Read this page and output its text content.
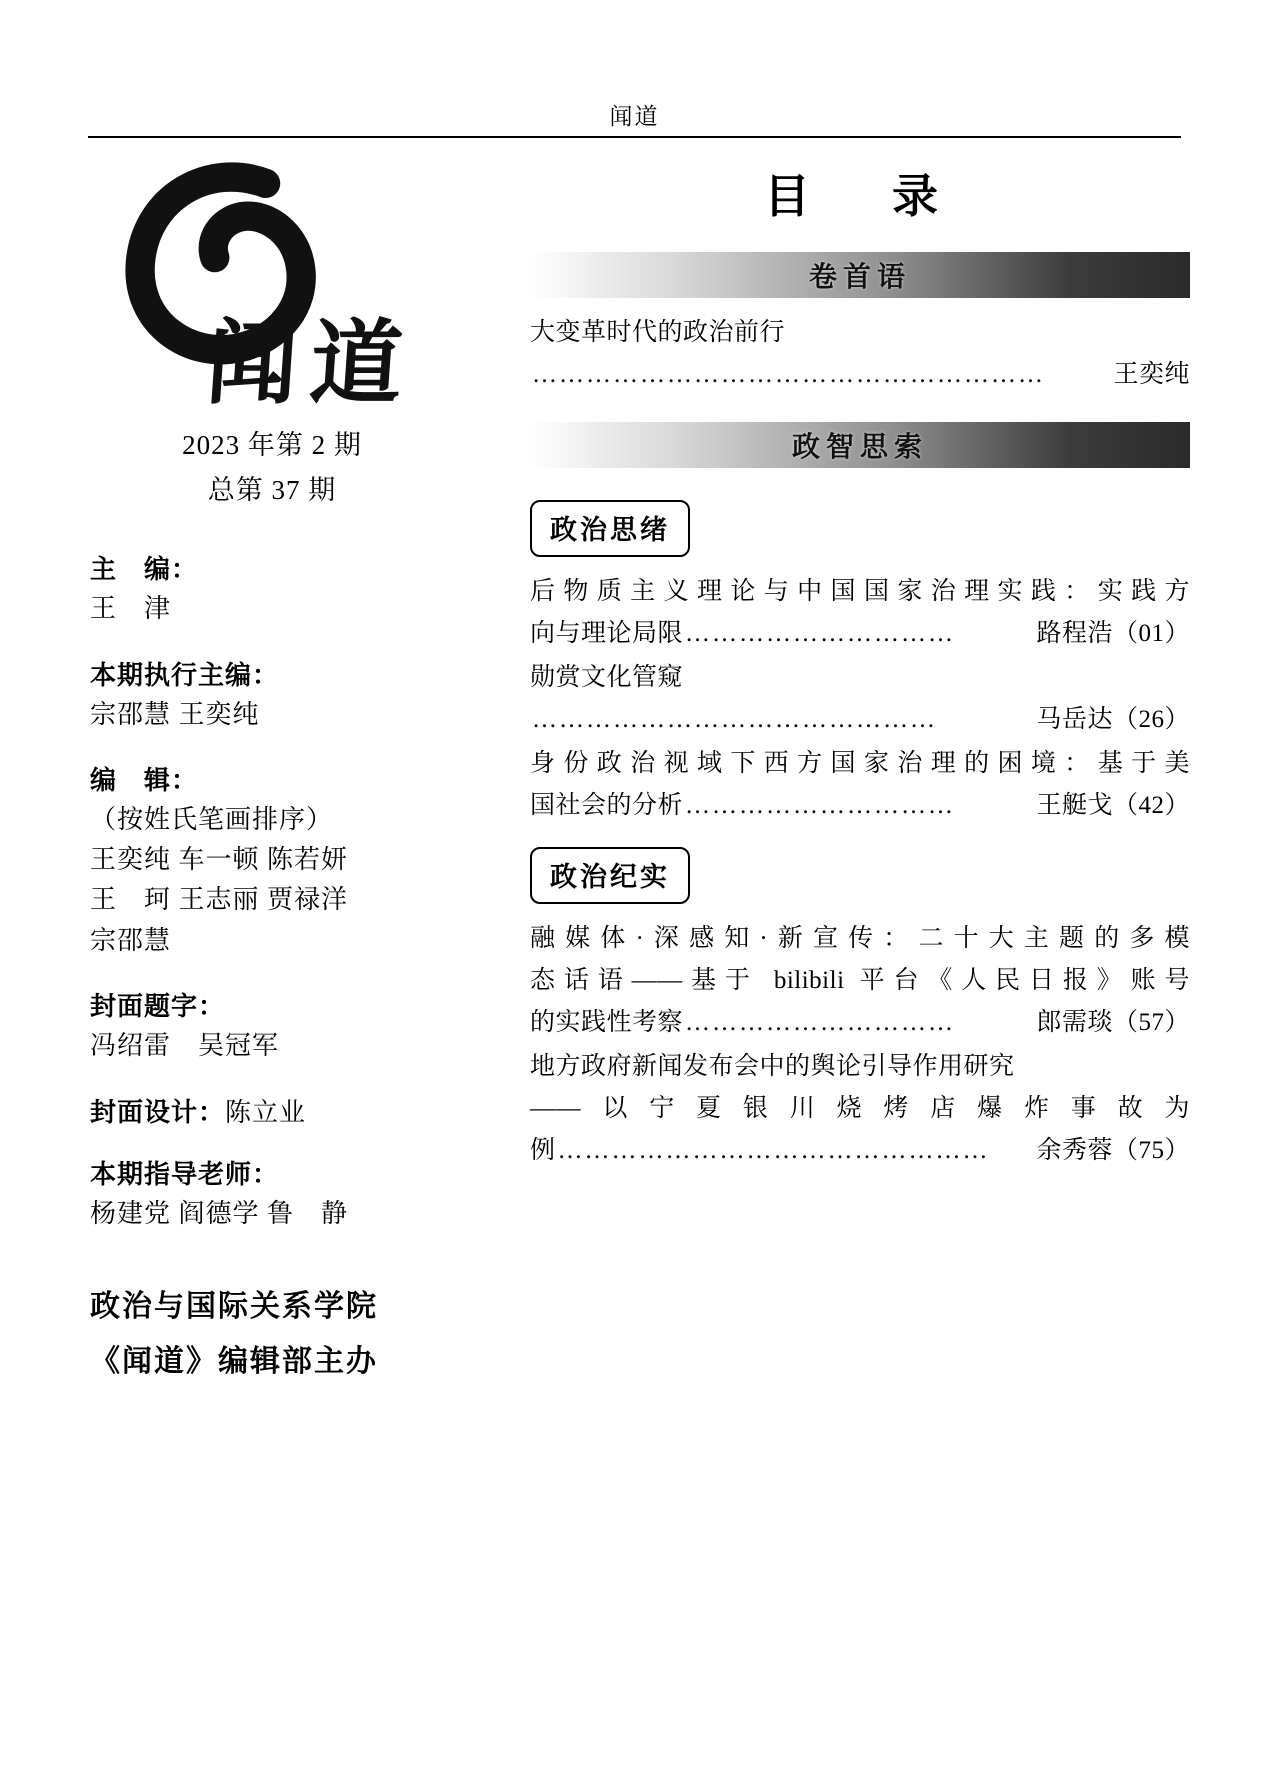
闻道
闻道
2023 年第 2 期
总第 37 期
主　编：
王　津
本期执行主编：
宗邵慧 王奕纯
编　辑：
（按姓氏笔画排序）
王奕纯 车一顿 陈若妍
王　珂 王志丽 贾禄洋
宗邵慧
封面题字：
冯绍雷　吴冠军
封面设计：陈立业
本期指导老师：
杨建党 阎德学 鲁　静
政治与国际关系学院
《闻道》编辑部主办
目　录
卷首语
大变革时代的政治前行
…………………………………………………	王奕纯
政智思索
政治思绪
后物质主义理论与中国国家治理实践：实践方
向与理论局限 …………………………	路程浩（01）
勋赏文化管窥
………………………………………	马岳达（26）
身份政治视域下西方国家治理的困境：基于美
国社会的分析 …………………………	王艇戈（42）
政治纪实
融媒体·深感知·新宣传：二十大主题的多模
态话语——基于 bilibili 平台《人民日报》账号
的实践性考察 …………………………	郎需琰（57）
地方政府新闻发布会中的舆论引导作用研究
——以宁夏银川烧烤店爆炸事故为
例 …………………………………………	余秀蓉（75）
